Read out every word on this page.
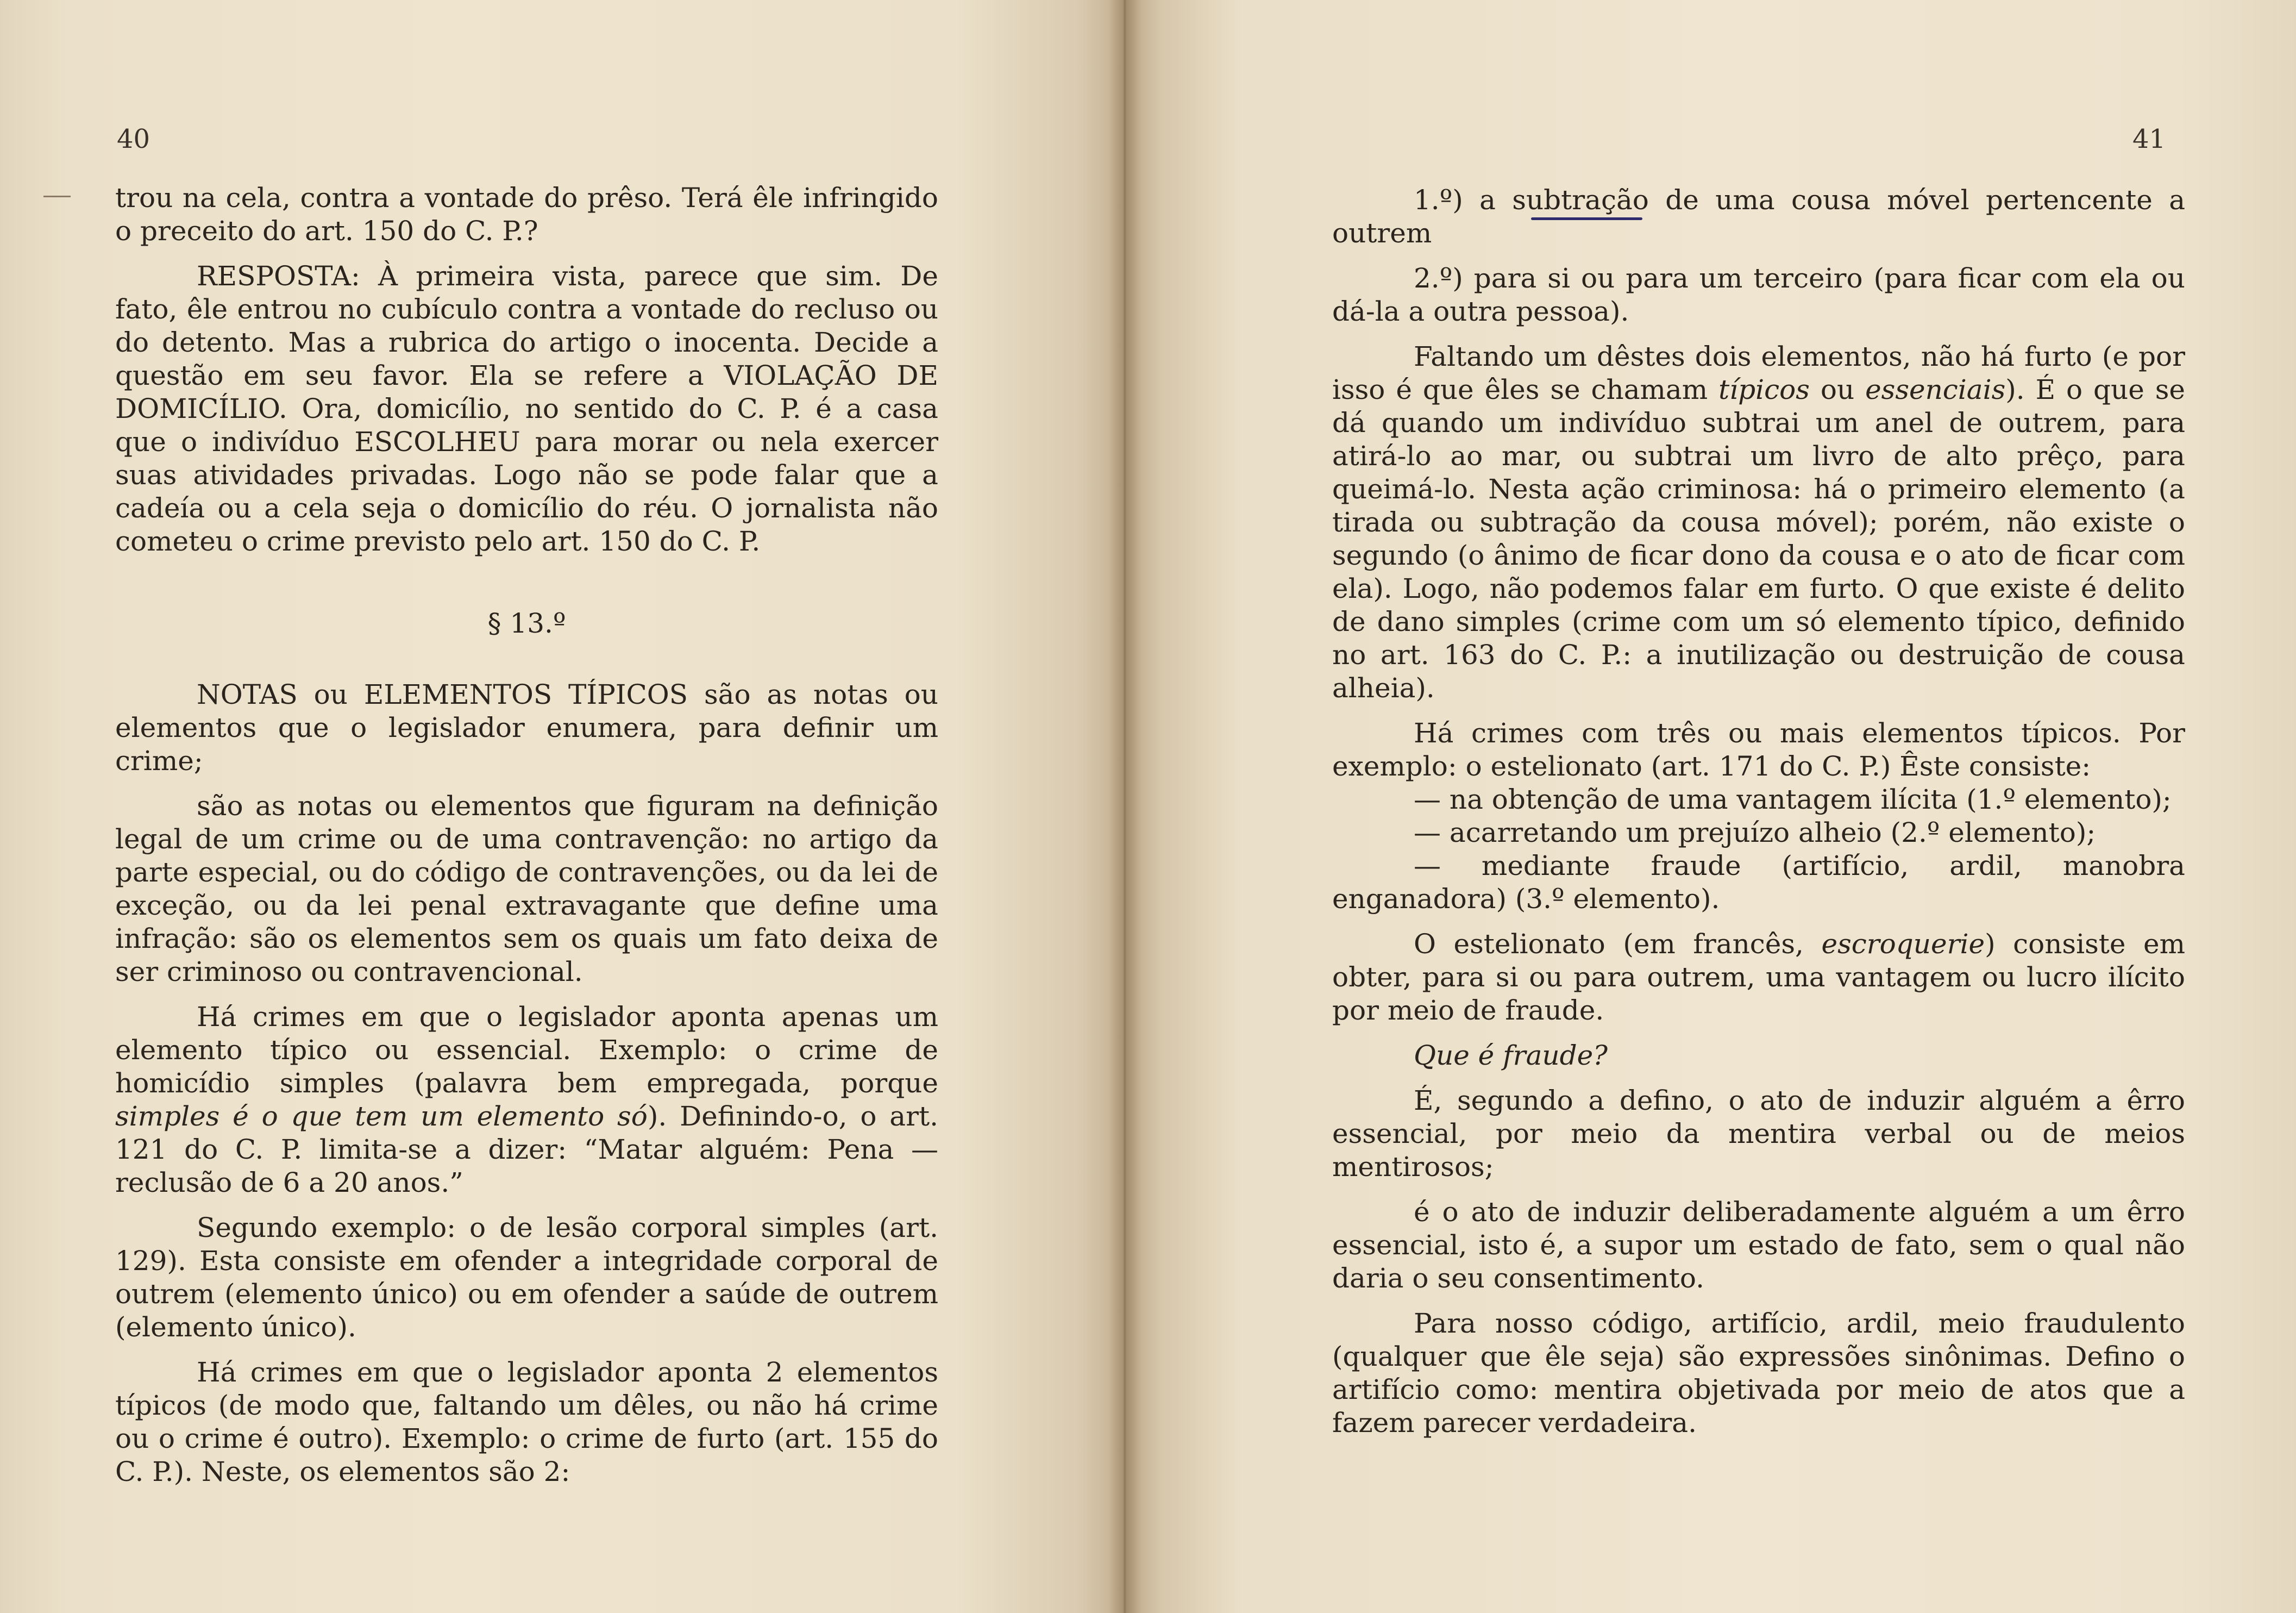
40

trou na cela, contra a vontade do prêso. Terá êle infringido o preceito do art. 150 do C. P.?

RESPOSTA: À primeira vista, parece que sim. De fato, êle entrou no cubículo contra a vontade do recluso ou do detento. Mas a rubrica do artigo o inocenta. Decide a questão em seu favor. Ela se refere a VIOLAÇÃO DE DOMICÍLIO. Ora, domicílio, no sentido do C. P. é a casa que o indivíduo ESCOLHEU para morar ou nela exercer suas atividades privadas. Logo não se pode falar que a cadeía ou a cela seja o domicílio do réu. O jornalista não cometeu o crime previsto pelo art. 150 do C. P.

§ 13.º

NOTAS ou ELEMENTOS TÍPICOS são as notas ou elementos que o legislador enumera, para definir um crime;

são as notas ou elementos que figuram na definição legal de um crime ou de uma contravenção: no artigo da parte especial, ou do código de contravenções, ou da lei de exceção, ou da lei penal extravagante que define uma infração: são os elementos sem os quais um fato deixa de ser criminoso ou contravencional.

Há crimes em que o legislador aponta apenas um elemento típico ou essencial. Exemplo: o crime de homicídio simples (palavra bem empregada, porque simples é o que tem um elemento só). Definindo-o, o art. 121 do C. P. limita-se a dizer: “Matar alguém: Pena — reclusão de 6 a 20 anos.”

Segundo exemplo: o de lesão corporal simples (art. 129). Esta consiste em ofender a integridade corporal de outrem (elemento único) ou em ofender a saúde de outrem (elemento único).

Há crimes em que o legislador aponta 2 elementos típicos (de modo que, faltando um dêles, ou não há crime ou o crime é outro). Exemplo: o crime de furto (art. 155 do C. P.). Neste, os elementos são 2:

41

1.º) a subtração de uma cousa móvel pertencente a outrem

2.º) para si ou para um terceiro (para ficar com ela ou dá-la a outra pessoa).

Faltando um dêstes dois elementos, não há furto (e por isso é que êles se chamam típicos ou essenciais). É o que se dá quando um indivíduo subtrai um anel de outrem, para atirá-lo ao mar, ou subtrai um livro de alto prêço, para queimá-lo. Nesta ação criminosa: há o primeiro elemento (a tirada ou subtração da cousa móvel); porém, não existe o segundo (o ânimo de ficar dono da cousa e o ato de ficar com ela). Logo, não podemos falar em furto. O que existe é delito de dano simples (crime com um só elemento típico, definido no art. 163 do C. P.: a inutilização ou destruição de cousa alheia).

Há crimes com três ou mais elementos típicos. Por exemplo: o estelionato (art. 171 do C. P.) Êste consiste:

— na obtenção de uma vantagem ilícita (1.º elemento);

— acarretando um prejuízo alheio (2.º elemento);

— mediante fraude (artifício, ardil, manobra enganadora) (3.º elemento).

O estelionato (em francês, escroquerie) consiste em obter, para si ou para outrem, uma vantagem ou lucro ilícito por meio de fraude.

Que é fraude?

É, segundo a defino, o ato de induzir alguém a êrro essencial, por meio da mentira verbal ou de meios mentirosos;

é o ato de induzir deliberadamente alguém a um êrro essencial, isto é, a supor um estado de fato, sem o qual não daria o seu consentimento.

Para nosso código, artifício, ardil, meio fraudulento (qualquer que êle seja) são expressões sinônimas. Defino o artifício como: mentira objetivada por meio de atos que a fazem parecer verdadeira.
